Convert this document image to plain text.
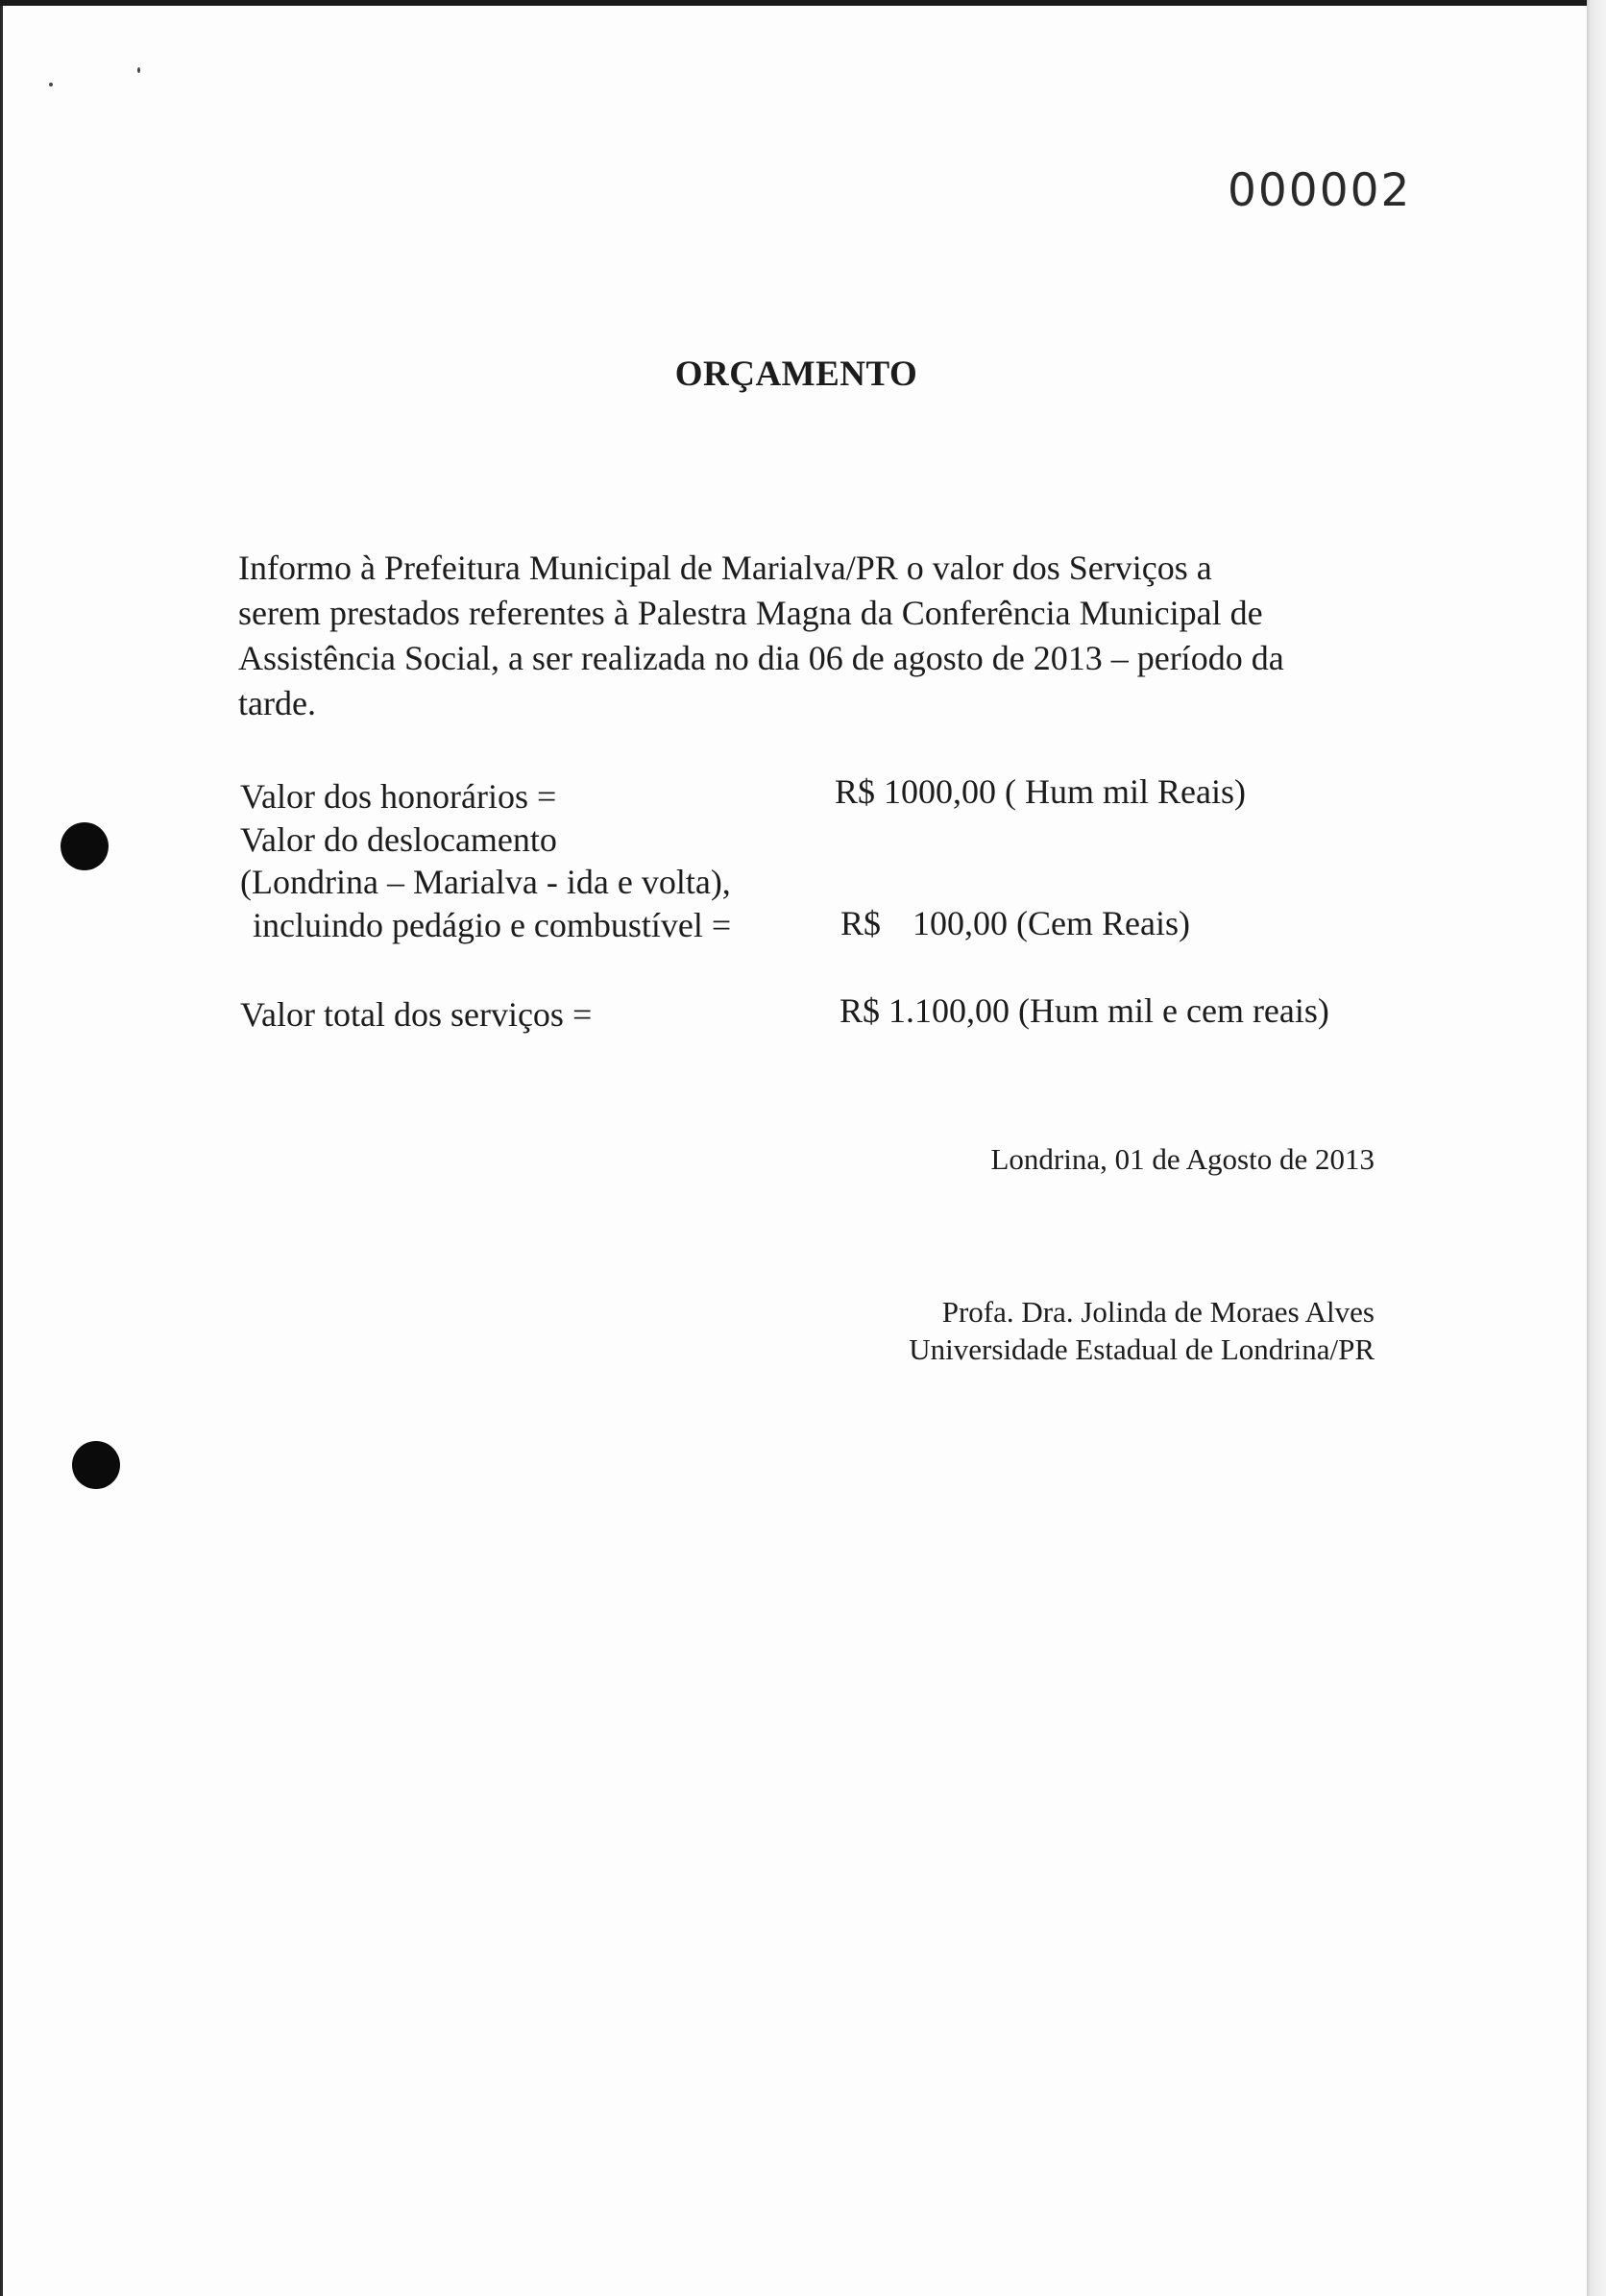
000002
ORÇAMENTO

Informo à Prefeitura Municipal de Marialva/PR o valor dos Serviços a

serem prestados referentes à Palestra Magna da Conferência Municipal de

Assistência Social, a ser realizada no dia 06 de agosto de 2013 – período da

tarde.

Valor dos honorários =	R$ 1000,00 ( Hum mil Reais)
Valor do deslocamento
(Londrina – Marialva - ida e volta),
incluindo pedágio e combustível =	R$ 100,00 (Cem Reais)
Valor total dos serviços =	R$ 1.100,00 (Hum mil e cem reais)
Londrina, 01 de Agosto de 2013
Profa. Dra. Jolinda de Moraes Alves
Universidade Estadual de Londrina/PR
